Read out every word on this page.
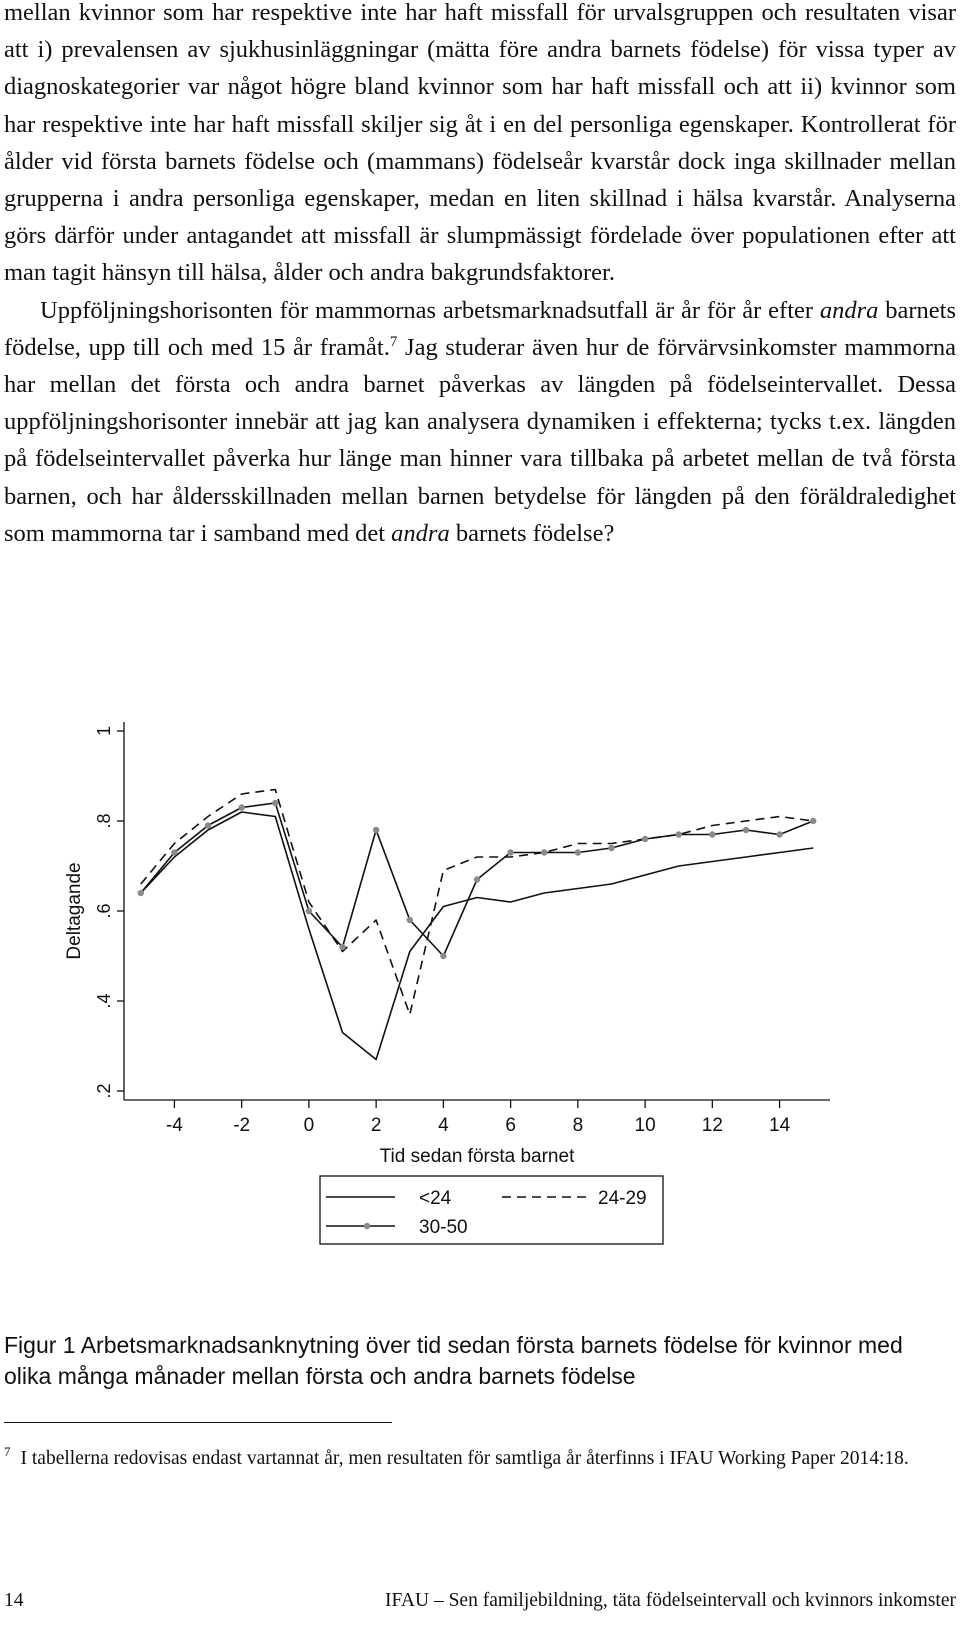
mellan kvinnor som har respektive inte har haft missfall för urvalsgruppen och resultaten visar att i) prevalensen av sjukhusinläggningar (mätta före andra barnets födelse) för vissa typer av diagnoskategorier var något högre bland kvinnor som har haft missfall och att ii) kvinnor som har respektive inte har haft missfall skiljer sig åt i en del personliga egenskaper. Kontrollerat för ålder vid första barnets födelse och (mammans) födelseår kvarstår dock inga skillnader mellan grupperna i andra personliga egenskaper, medan en liten skillnad i hälsa kvarstår. Analyserna görs därför under antagandet att missfall är slumpmässigt fördelade över populationen efter att man tagit hänsyn till hälsa, ålder och andra bakgrundsfaktorer.

Uppföljningshorisonten för mammornas arbetsmarknadsutfall är år för år efter andra barnets födelse, upp till och med 15 år framåt.$^7$ Jag studerar även hur de förvärvsinkomster mammorna har mellan det första och andra barnet påverkas av längden på födelseintervallet. Dessa uppföljningshorisonter innebär att jag kan analysera dynamiken i effekterna; tycks t.ex. längden på födelseintervallet påverka hur länge man hinner vara tillbaka på arbetet mellan de två första barnen, och har åldersskillnaden mellan barnen betydelse för längden på den föräldraledighet som mammorna tar i samband med det andra barnets födelse?

.2
.4
.6
.8
1
-4	-2	0	2	4	6	8	10 12 14
Deltagande
Tid sedan första barnet
<24	24-29
30-50

Figur 1 Arbetsmarknadsanknytning över tid sedan första barnets födelse för kvinnor med olika många månader mellan första och andra barnets födelse

$^7$ I tabellerna redovisas endast vartannat år, men resultaten för samtliga år återfinns i IFAU Working Paper 2014:18.

14	IFAU – Sen familjebildning, täta födelseintervall och kvinnors inkomster
